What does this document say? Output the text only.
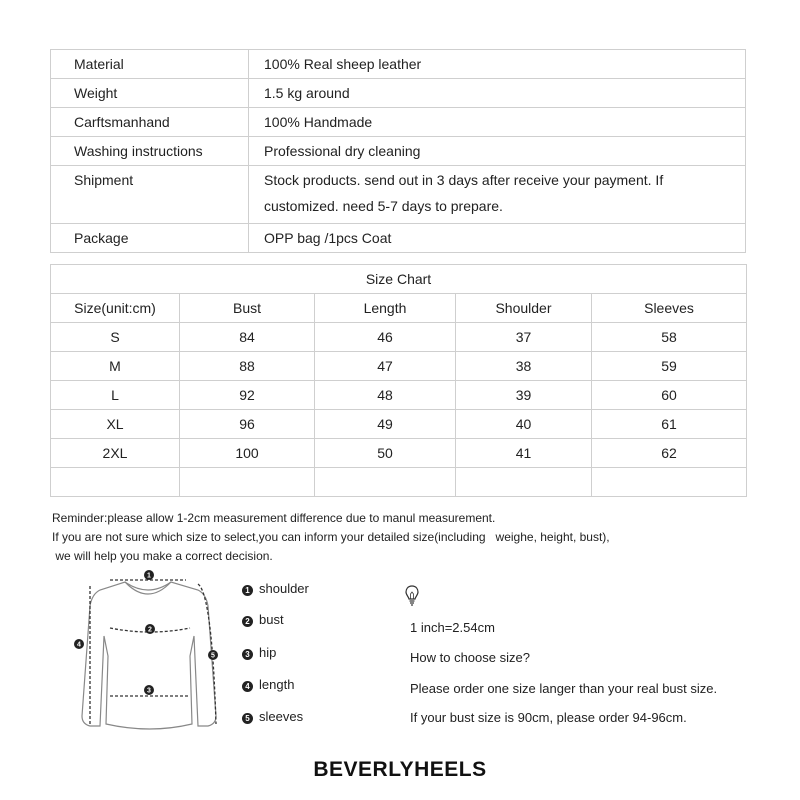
Material	100% Real sheep leather
Weight	1.5 kg around
Carftsmanhand	100% Handmade
Washing instructions	Professional dry cleaning
Shipment	Stock products. send out in 3 days after receive your payment. If
customized. need 5-7 days to prepare.

Package	OPP bag /1pcs Coat
Size Chart				
Size(unit:cm)	Bust	Length	Shoulder	Sleeves
S	84	46	37	58
M	88	47	38	59
L	92	48	39	60
XL	96	49	40	61
2XL	100	50	41	62

Reminder:please allow 1-2cm measurement difference due to manul measurement.
If you are not sure which size to select,you can inform your detailed size(including   weighe, height, bust),
we will help you make a correct decision.
1
2
3
4
5
1 shoulder
2 bust
3 hip
4 length
5 sleeves
1 inch=2.54cm
How to choose size?
Please order one size langer than your real bust size.
If your bust size is 90cm, please order 94-96cm.
BEVERLYHEELS
